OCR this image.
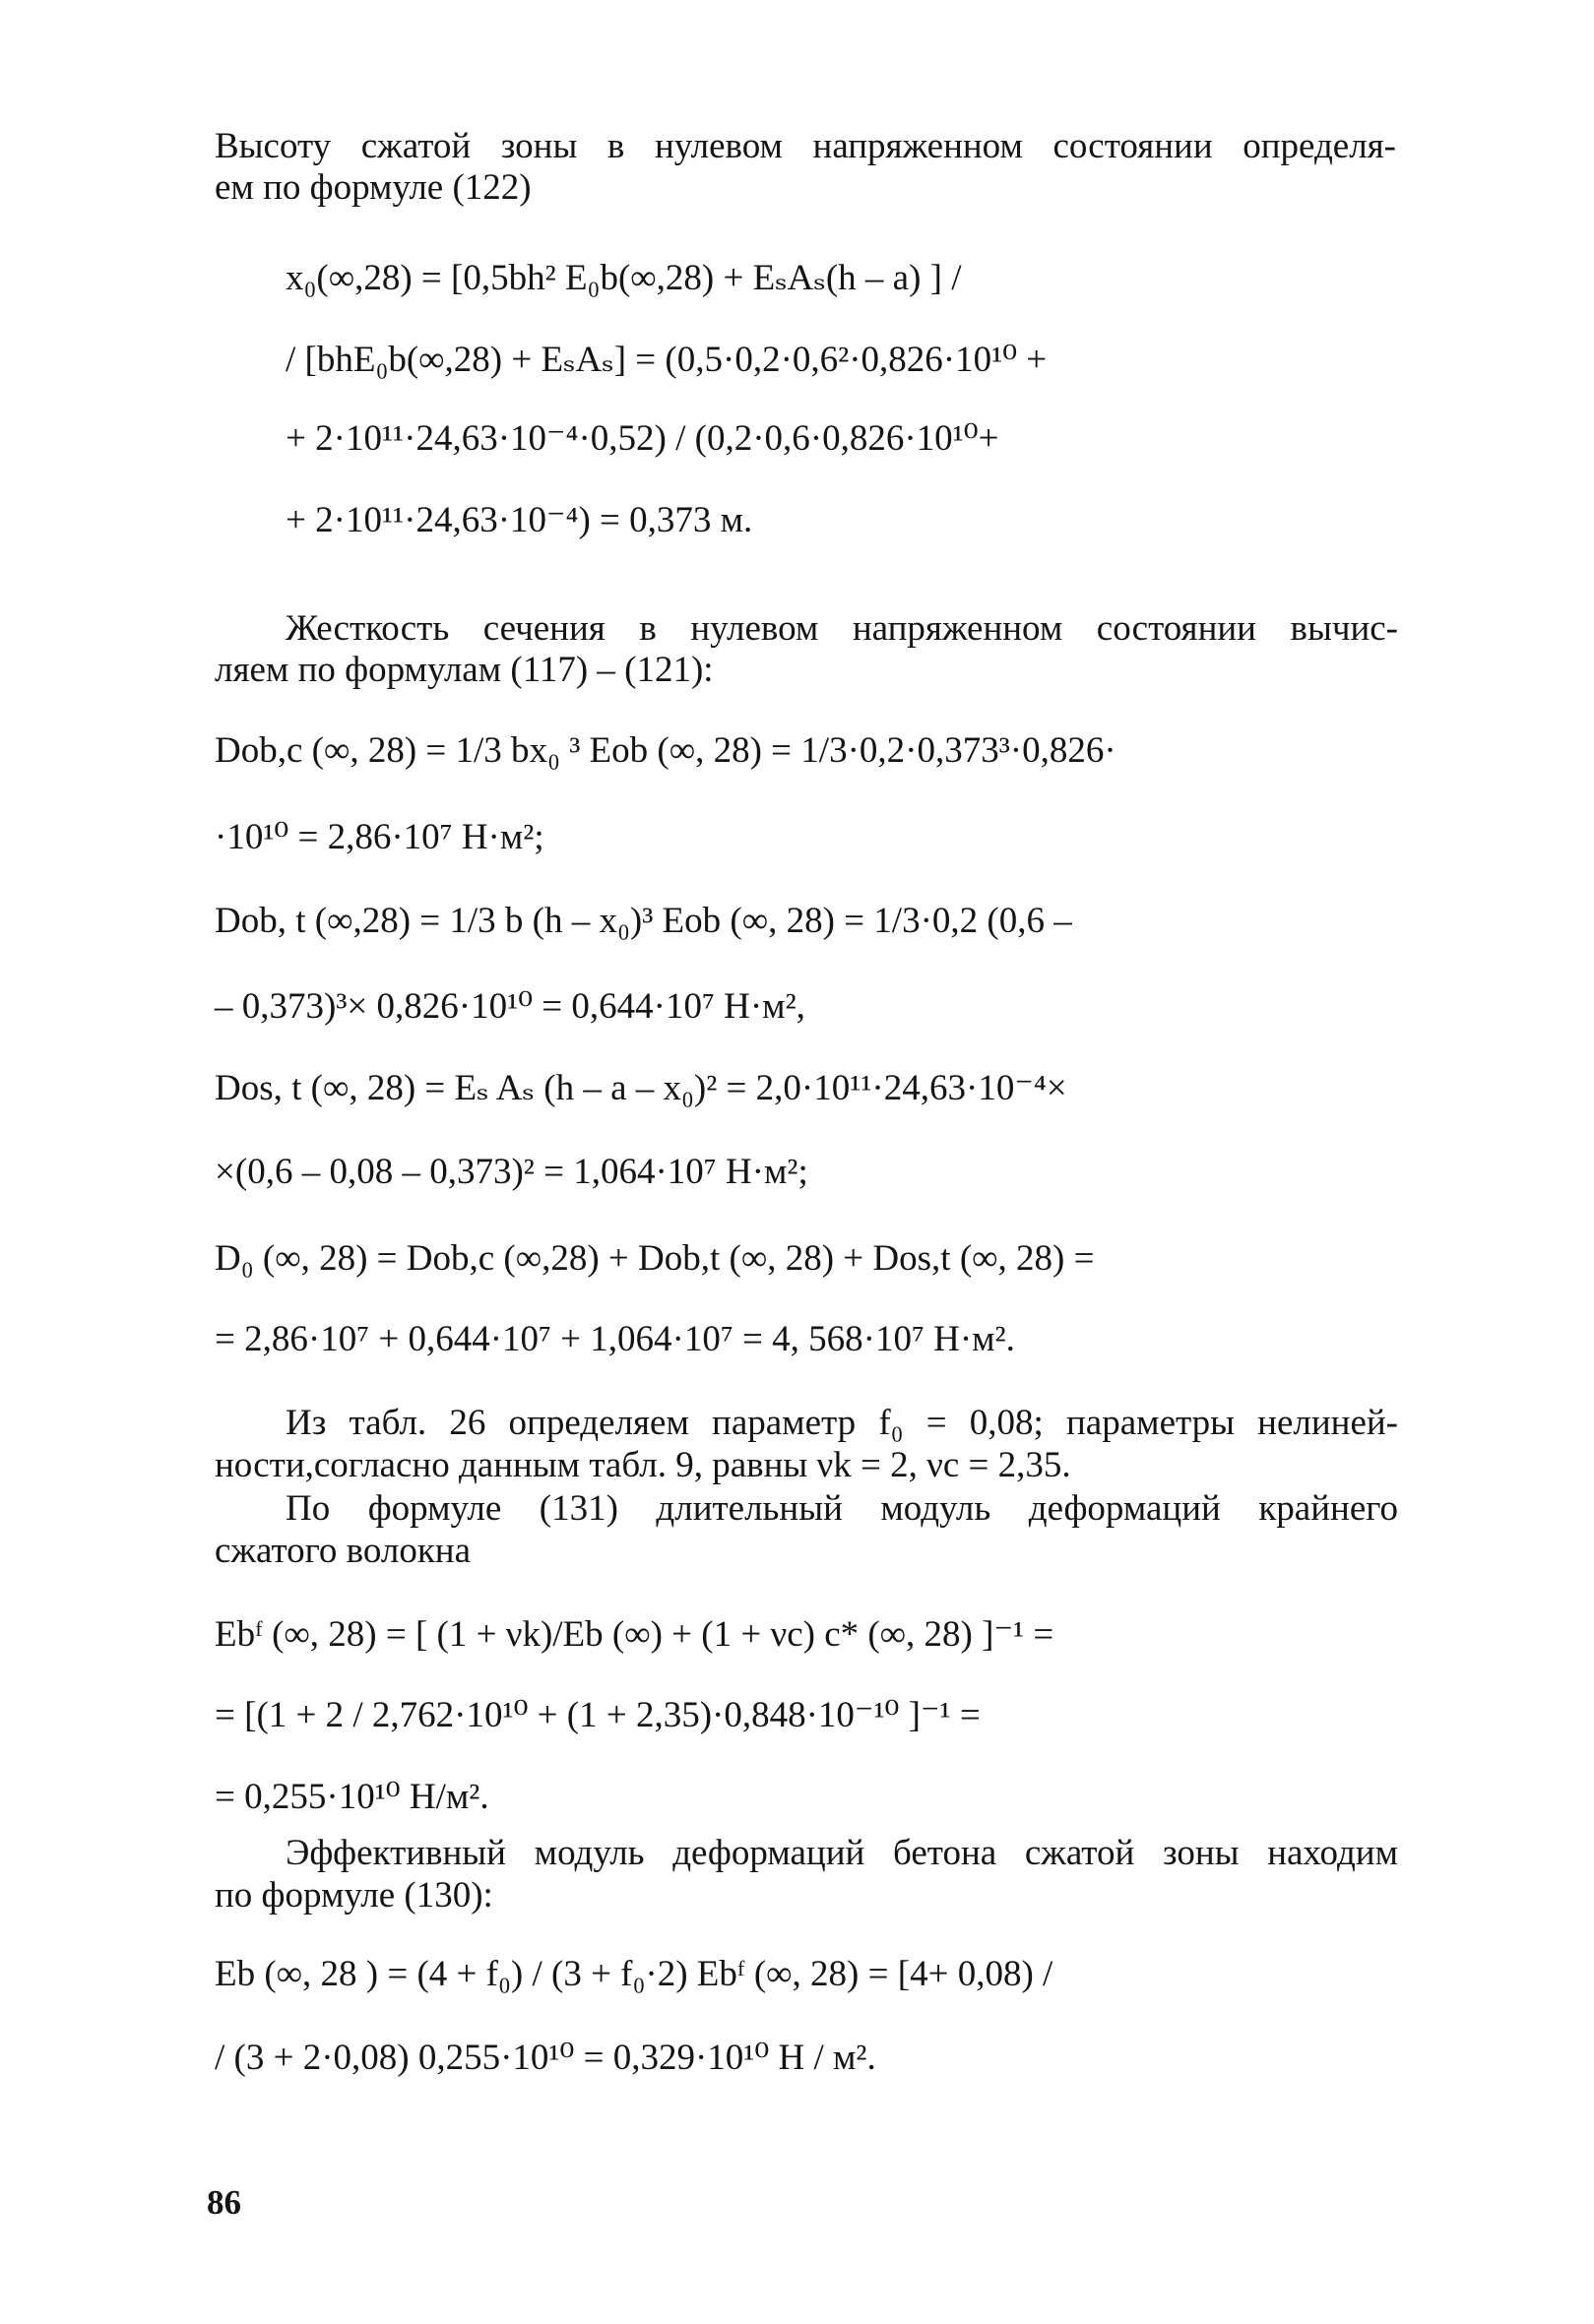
Высоту сжатой зоны в нулевом напряженном состоянии определя-
ем по формуле (122)
x₀(∞,28) = [0,5bh² E₀b(∞,28) + EₛAₛ(h – a) ] /
/ [bhE₀b(∞,28) + EₛAₛ] = (0,5·0,2·0,6²·0,826·10¹⁰ +
+ 2·10¹¹·24,63·10⁻⁴·0,52) / (0,2·0,6·0,826·10¹⁰+
+ 2·10¹¹·24,63·10⁻⁴) = 0,373 м.
Жесткость сечения в нулевом напряженном состоянии вычис-
ляем по формулам (117) – (121):
Dob,c (∞, 28) = 1/3 bx₀ ³ Eob (∞, 28) = 1/3·0,2·0,373³·0,826·
·10¹⁰ = 2,86·10⁷ Н·м²;
Dob, t (∞,28) = 1/3 b (h – x₀)³ Eob (∞, 28) = 1/3·0,2 (0,6 –
– 0,373)³× 0,826·10¹⁰ = 0,644·10⁷ Н·м²,
Dos, t (∞, 28) = Eₛ Aₛ (h – a – x₀)² = 2,0·10¹¹·24,63·10⁻⁴×
×(0,6 – 0,08 – 0,373)² = 1,064·10⁷ Н·м²;
D₀ (∞, 28) = Dob,c (∞,28) + Dob,t (∞, 28) + Dos,t (∞, 28) =
= 2,86·10⁷ + 0,644·10⁷ + 1,064·10⁷ = 4, 568·10⁷ Н·м².
Из табл. 26 определяем параметр f₀ = 0,08; параметры нелиней-
ности,согласно данным табл. 9, равны νk = 2, νc = 2,35.
По формуле (131) длительный модуль деформаций крайнего
сжатого волокна
Ebᶠ (∞, 28) = [ (1 + νk)/Eb (∞) + (1 + νc) c* (∞, 28) ]⁻¹ =
= [(1 + 2 / 2,762·10¹⁰ + (1 + 2,35)·0,848·10⁻¹⁰ ]⁻¹ =
= 0,255·10¹⁰ Н/м².
Эффективный модуль деформаций бетона сжатой зоны находим
по формуле (130):
Eb (∞, 28 ) = (4 + f₀) / (3 + f₀·2) Ebᶠ (∞, 28) = [4+ 0,08) /
/ (3 + 2·0,08) 0,255·10¹⁰ = 0,329·10¹⁰ Н / м².
86
